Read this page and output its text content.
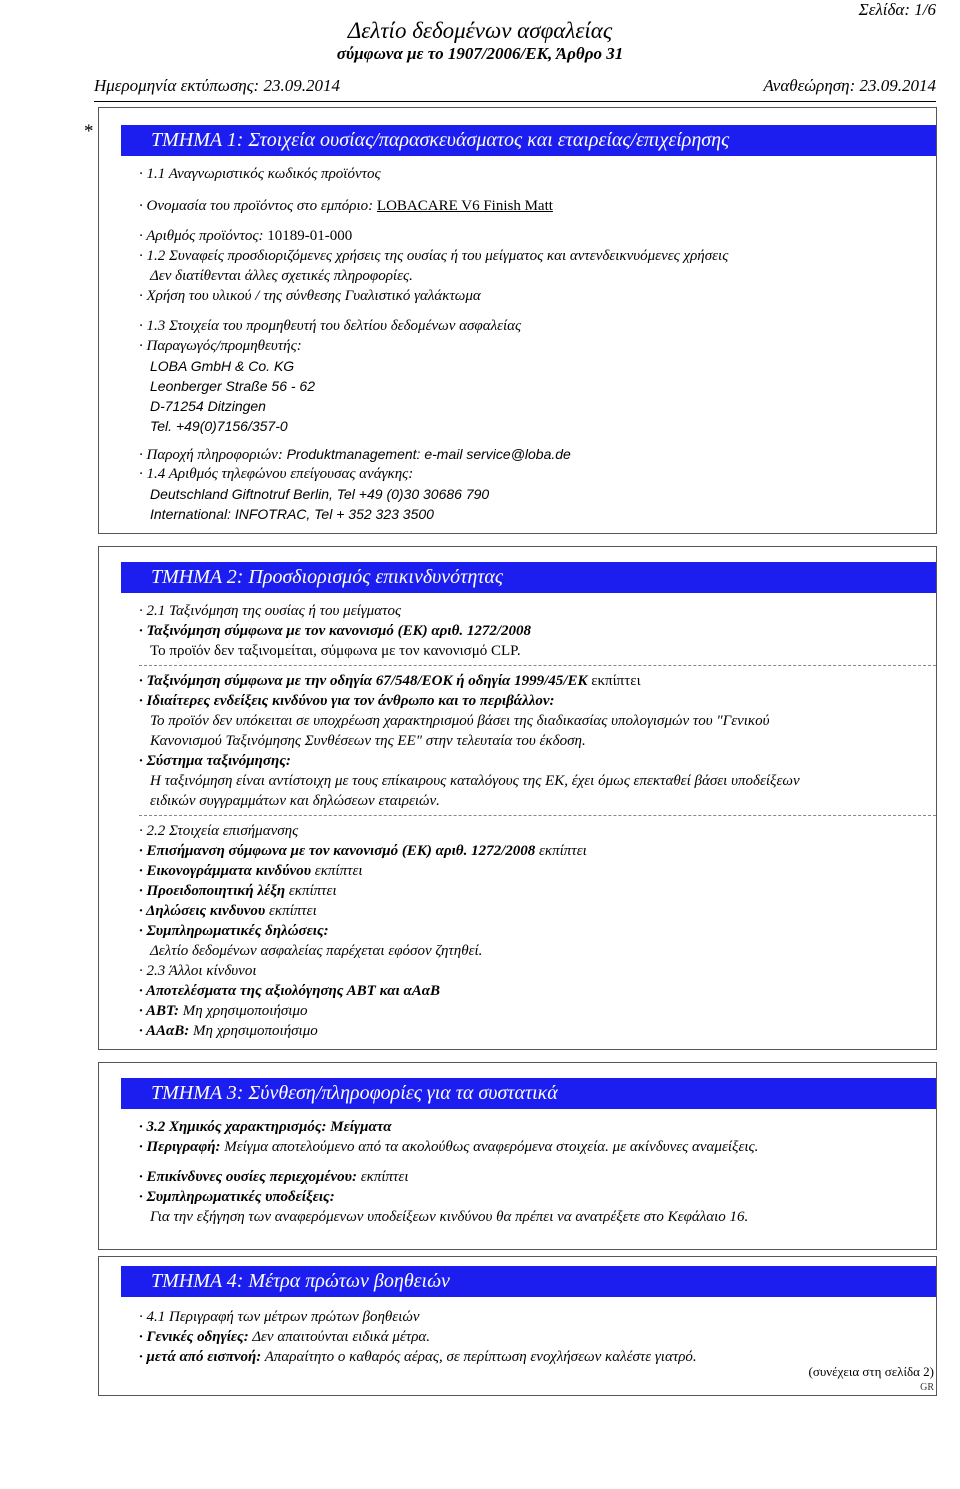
Σελίδα: 1/6
Δελτίο δεδομένων ασφαλείας
σύμφωνα με το 1907/2006/ΕΚ, Άρθρο 31
Ημερομηνία εκτύπωσης: 23.09.2014	Αναθεώρηση: 23.09.2014
*	ΤΜΗΜΑ 1: Στοιχεία ουσίας/παρασκευάσματος και εταιρείας/επιχείρησης
· 1.1 Αναγνωριστικός κωδικός προϊόντος
· Ονομασία του προϊόντος στο εμπόριο: LOBACARE V6 Finish Matt
· Αριθμός προϊόντος: 10189-01-000
· 1.2 Συναφείς προσδιοριζόμενες χρήσεις της ουσίας ή του μείγματος και αντενδεικνυόμενες χρήσεις
Δεν διατίθενται άλλες σχετικές πληροφορίες.
· Χρήση του υλικού / της σύνθεσης Γυαλιστικό γαλάκτωμα
· 1.3 Στοιχεία του προμηθευτή του δελτίου δεδομένων ασφαλείας
· Παραγωγός/προμηθευτής:
LOBA GmbH & Co. KG
Leonberger Straße 56 - 62
D-71254 Ditzingen
Tel. +49(0)7156/357-0
· Παροχή πληροφοριών: Produktmanagement: e-mail service@loba.de
· 1.4 Αριθμός τηλεφώνου επείγουσας ανάγκης:
Deutschland Giftnotruf Berlin, Tel +49 (0)30 30686 790
International: INFOTRAC, Tel + 352 323 3500
ΤΜΗΜΑ 2: Προσδιορισμός επικινδυνότητας
· 2.1 Ταξινόμηση της ουσίας ή του μείγματος
· Ταξινόμηση σύμφωνα με τον κανονισμό (ΕΚ) αριθ. 1272/2008
Το προϊόν δεν ταξινομείται, σύμφωνα με τον κανονισμό CLP.
· Ταξινόμηση σύμφωνα με την οδηγία 67/548/ΕΟΚ ή οδηγία 1999/45/ΕΚ εκπίπτει
· Ιδιαίτερες ενδείξεις κινδύνου για τον άνθρωπο και το περιβάλλον:
Το προϊόν δεν υπόκειται σε υποχρέωση χαρακτηρισμού βάσει της διαδικασίας υπολογισμών του "Γενικού
Κανονισμού Ταξινόμησης Συνθέσεων της ΕΕ" στην τελευταία του έκδοση.
· Σύστημα ταξινόμησης:
Η ταξινόμηση είναι αντίστοιχη με τους επίκαιρους καταλόγους της ΕΚ, έχει όμως επεκταθεί βάσει υποδείξεων
ειδικών συγγραμμάτων και δηλώσεων εταιρειών.
· 2.2 Στοιχεία επισήμανσης
· Επισήμανση σύμφωνα με τον κανονισμό (ΕΚ) αριθ. 1272/2008 εκπίπτει
· Εικονογράμματα κινδύνου εκπίπτει
· Προειδοποιητική λέξη εκπίπτει
· Δηλώσεις κινδυνου εκπίπτει
· Συμπληρωματικές δηλώσεις:
Δελτίο δεδομένων ασφαλείας παρέχεται εφόσον ζητηθεί.
· 2.3 Άλλοι κίνδυνοι
· Αποτελέσματα της αξιολόγησης ΑΒΤ και αΑαΒ
· ΑΒΤ: Μη χρησιμοποιήσιμο
· ΑΑαΒ: Μη χρησιμοποιήσιμο
ΤΜΗΜΑ 3: Σύνθεση/πληροφορίες για τα συστατικά
· 3.2 Χημικός χαρακτηρισμός: Μείγματα
· Περιγραφή: Μείγμα αποτελούμενο από τα ακολούθως αναφερόμενα στοιχεία. με ακίνδυνες αναμείξεις.
· Επικίνδυνες ουσίες περιεχομένου: εκπίπτει
· Συμπληρωματικές υποδείξεις:
Για την εξήγηση των αναφερόμενων υποδείξεων κινδύνου θα πρέπει να ανατρέξετε στο Κεφάλαιο 16.
ΤΜΗΜΑ 4: Μέτρα πρώτων βοηθειών
· 4.1 Περιγραφή των μέτρων πρώτων βοηθειών
· Γενικές οδηγίες: Δεν απαιτούνται ειδικά μέτρα.
· μετά από εισπνοή: Απαραίτητο ο καθαρός αέρας, σε περίπτωση ενοχλήσεων καλέστε γιατρό.
(συνέχεια στη σελίδα 2)
GR
